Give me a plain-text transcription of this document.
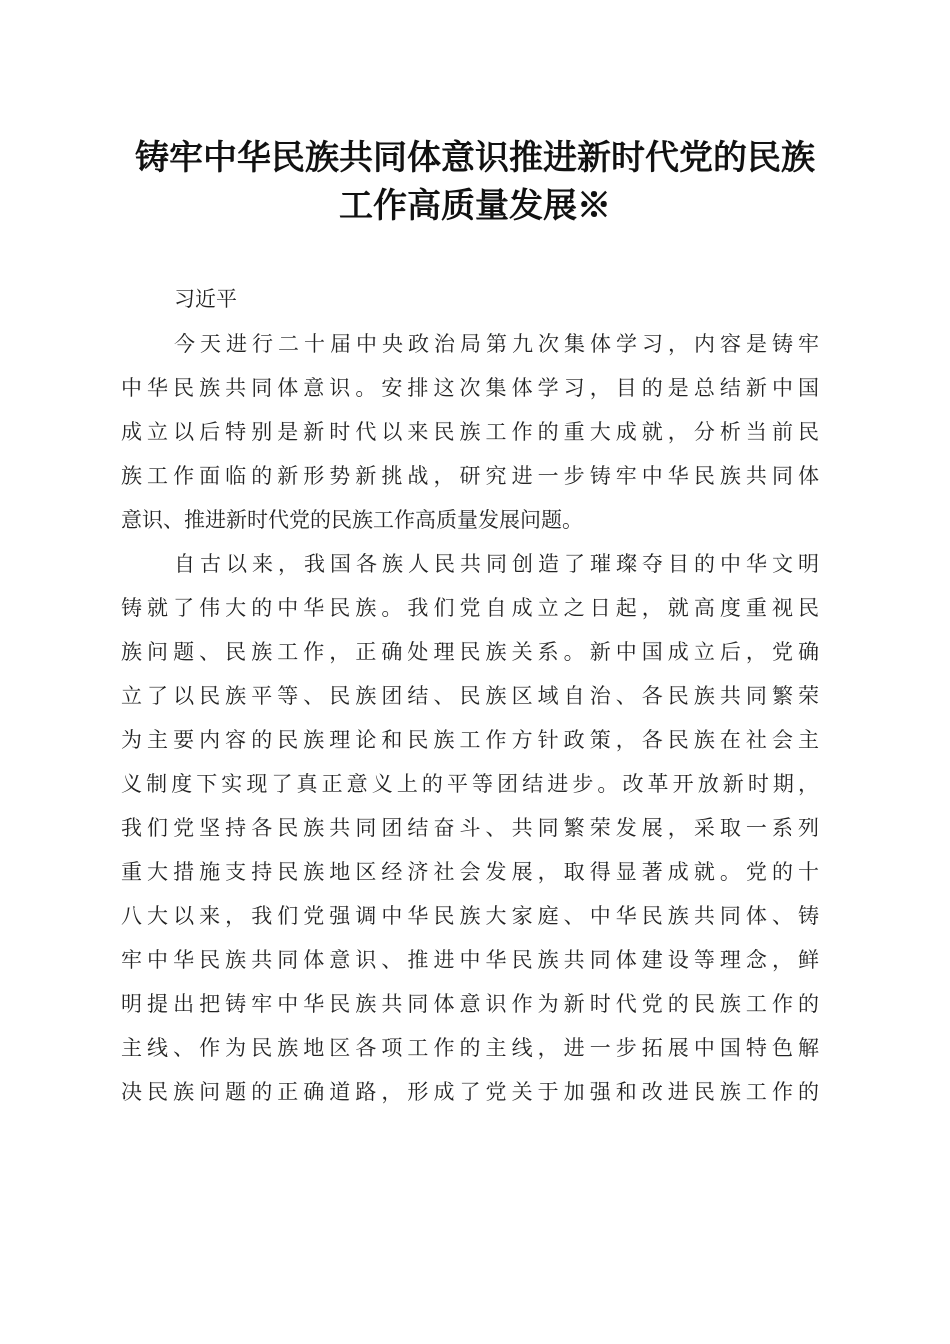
铸牢中华民族共同体意识推进新时代党的民族
工作高质量发展※

习近平

今天进行二十届中央政治局第九次集体学习，内容是铸牢
中华民族共同体意识。安排这次集体学习，目的是总结新中国
成立以后特别是新时代以来民族工作的重大成就，分析当前民
族工作面临的新形势新挑战，研究进一步铸牢中华民族共同体
意识、推进新时代党的民族工作高质量发展问题。

自古以来，我国各族人民共同创造了璀璨夺目的中华文明
铸就了伟大的中华民族。我们党自成立之日起，就高度重视民
族问题、民族工作，正确处理民族关系。新中国成立后，党确
立了以民族平等、民族团结、民族区域自治、各民族共同繁荣
为主要内容的民族理论和民族工作方针政策，各民族在社会主
义制度下实现了真正意义上的平等团结进步。改革开放新时期，
我们党坚持各民族共同团结奋斗、共同繁荣发展，采取一系列
重大措施支持民族地区经济社会发展，取得显著成就。党的十
八大以来，我们党强调中华民族大家庭、中华民族共同体、铸
牢中华民族共同体意识、推进中华民族共同体建设等理念，鲜
明提出把铸牢中华民族共同体意识作为新时代党的民族工作的
主线、作为民族地区各项工作的主线，进一步拓展中国特色解
决民族问题的正确道路，形成了党关于加强和改进民族工作的
